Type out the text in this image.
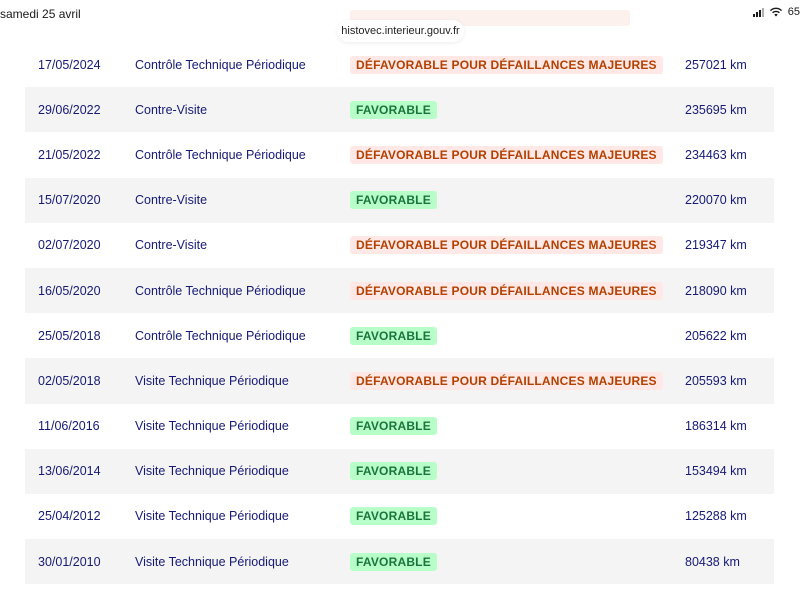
samedi 25 avril	65
histovec.interieur.gouv.fr
17/05/2024	Contrôle Technique Périodique	DÉFAVORABLE POUR DÉFAILLANCES MAJEURES	257021 km
29/06/2022	Contre-Visite	FAVORABLE	235695 km
21/05/2022	Contrôle Technique Périodique	DÉFAVORABLE POUR DÉFAILLANCES MAJEURES	234463 km
15/07/2020	Contre-Visite	FAVORABLE	220070 km
02/07/2020	Contre-Visite	DÉFAVORABLE POUR DÉFAILLANCES MAJEURES	219347 km
16/05/2020	Contrôle Technique Périodique	DÉFAVORABLE POUR DÉFAILLANCES MAJEURES	218090 km
25/05/2018	Contrôle Technique Périodique	FAVORABLE	205622 km
02/05/2018	Visite Technique Périodique	DÉFAVORABLE POUR DÉFAILLANCES MAJEURES	205593 km
11/06/2016	Visite Technique Périodique	FAVORABLE	186314 km
13/06/2014	Visite Technique Périodique	FAVORABLE	153494 km
25/04/2012	Visite Technique Périodique	FAVORABLE	125288 km
30/01/2010	Visite Technique Périodique	FAVORABLE	80438 km
